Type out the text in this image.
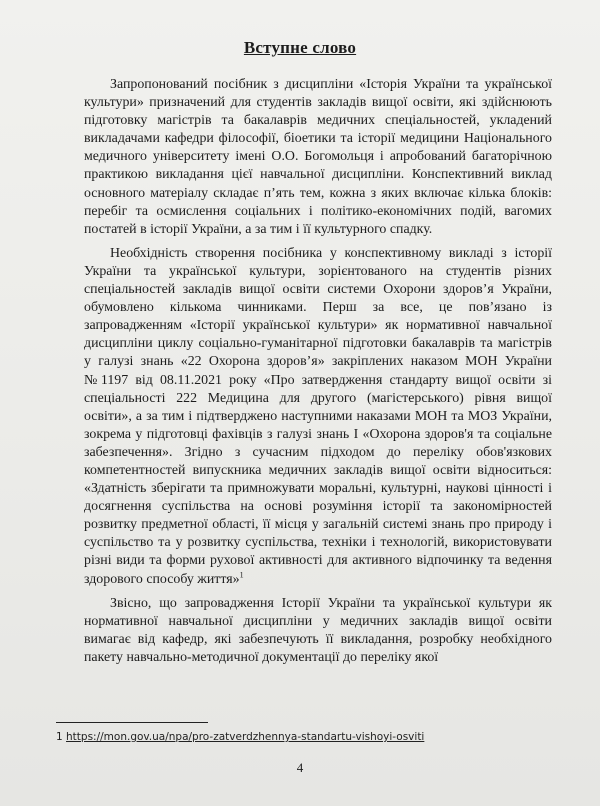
Вступне слово

Запропонований посібник з дисципліни «Історія України та української культури» призначений для студентів закладів вищої освіти, які здійснюють підготовку магістрів та бакалаврів медичних спеціальностей, укладений викладачами кафедри філософії, біоетики та історії медицини Національного медичного університету імені О.О. Богомольця і апробований багаторічною практикою викладання цієї навчальної дисципліни. Конспективний виклад основного матеріалу складає п’ять тем, кожна з яких включає кілька блоків: перебіг та осмислення соціальних і політико-економічних подій, вагомих постатей в історії України, а за тим і її культурного спадку.

Необхідність створення посібника у конспективному викладі з історії України та української культури, зорієнтованого на студентів різних спеціальностей закладів вищої освіти системи Охорони здоров’я України, обумовлено кількома чинниками. Перш за все, це пов’язано із запровадженням «Історії української культури» як нормативної навчальної дисципліни циклу соціально-гуманітарної підготовки бакалаврів та магістрів у галузі знань «22 Охорона здоров’я» закріплених наказом МОН України №1197 від 08.11.2021 року «Про затвердження стандарту вищої освіти зі спеціальності 222 Медицина для другого (магістерського) рівня вищої освіти», а за тим і підтверджено наступними наказами МОН та МОЗ України, зокрема у підготовці фахівців з галузі знань I «Охорона здоров'я та соціальне забезпечення». Згідно з сучасним підходом до переліку обов'язкових компетентностей випускника медичних закладів вищої освіти відноситься: «Здатність зберігати та примножувати моральні, культурні, наукові цінності і досягнення суспільства на основі розуміння історії та закономірностей розвитку предметної області, її місця у загальній системі знань про природу і суспільство та у розвитку суспільства, техніки і технологій, використовувати різні види та форми рухової активності для активного відпочинку та ведення здорового способу життя»$^1$

Звісно, що запровадження Історії України та української культури як нормативної навчальної дисципліни у медичних закладів вищої освіти вимагає від кафедр, які забезпечують її викладання, розробку необхідного пакету навчально-методичної документації до переліку якої

1 https://mon.gov.ua/npa/pro-zatverdzhennya-standartu-vishoyi-osviti
4
